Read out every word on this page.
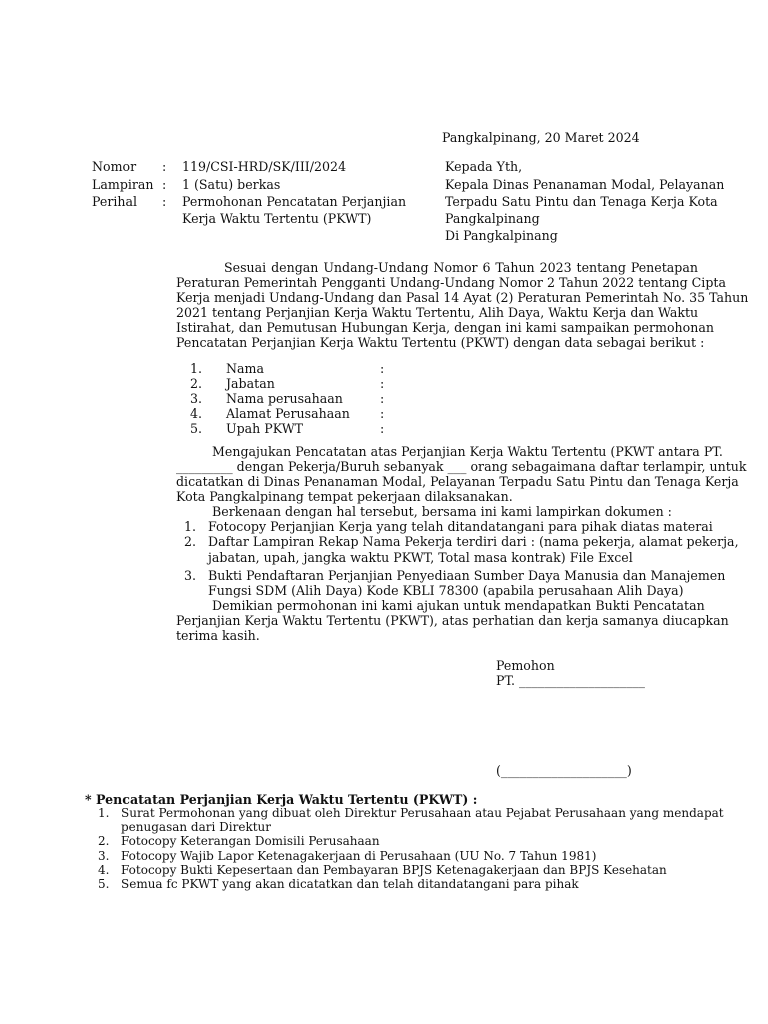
Pangkalpinang, 20 Maret 2024
Nomor : 119/CSI-HRD/SK/III/2024
Lampiran : 1 (Satu) berkas
Perihal : Permohonan Pencatatan Perjanjian
Kerja Waktu Tertentu (PKWT)
Kepada Yth,
Kepala Dinas Penanaman Modal, Pelayanan
Terpadu Satu Pintu dan Tenaga Kerja Kota
Pangkalpinang
Di Pangkalpinang
Sesuai dengan Undang-Undang Nomor 6 Tahun 2023 tentang Penetapan
Peraturan Pemerintah Pengganti Undang-Undang Nomor 2 Tahun 2022 tentang Cipta
Kerja menjadi Undang-Undang dan Pasal 14 Ayat (2) Peraturan Pemerintah No. 35 Tahun
2021 tentang Perjanjian Kerja Waktu Tertentu, Alih Daya, Waktu Kerja dan Waktu
Istirahat, dan Pemutusan Hubungan Kerja, dengan ini kami sampaikan permohonan
Pencatatan Perjanjian Kerja Waktu Tertentu (PKWT) dengan data sebagai berikut :
1. Nama	:
2. Jabatan	:
3. Nama perusahaan	:
4. Alamat Perusahaan :
5. Upah PKWT	:
Mengajukan Pencatatan atas Perjanjian Kerja Waktu Tertentu (PKWT antara PT.
_________ dengan Pekerja/Buruh sebanyak ___ orang sebagaimana daftar terlampir, untuk
dicatatkan di Dinas Penanaman Modal, Pelayanan Terpadu Satu Pintu dan Tenaga Kerja
Kota Pangkalpinang tempat pekerjaan dilaksanakan.
Berkenaan dengan hal tersebut, bersama ini kami lampirkan dokumen :
1. Fotocopy Perjanjian Kerja yang telah ditandatangani para pihak diatas materai
2. Daftar Lampiran Rekap Nama Pekerja terdiri dari : (nama pekerja, alamat pekerja,
jabatan, upah, jangka waktu PKWT, Total masa kontrak) File Excel
3. Bukti Pendaftaran Perjanjian Penyediaan Sumber Daya Manusia dan Manajemen
Fungsi SDM (Alih Daya) Kode KBLI 78300 (apabila perusahaan Alih Daya)
Demikian permohonan ini kami ajukan untuk mendapatkan Bukti Pencatatan
Perjanjian Kerja Waktu Tertentu (PKWT), atas perhatian dan kerja samanya diucapkan
terima kasih.
Pemohon
PT. ____________________
(____________________)
* Pencatatan Perjanjian Kerja Waktu Tertentu (PKWT) :
1. Surat Permohonan yang dibuat oleh Direktur Perusahaan atau Pejabat Perusahaan yang mendapat
penugasan dari Direktur
2. Fotocopy Keterangan Domisili Perusahaan
3. Fotocopy Wajib Lapor Ketenagakerjaan di Perusahaan (UU No. 7 Tahun 1981)
4. Fotocopy Bukti Kepesertaan dan Pembayaran BPJS Ketenagakerjaan dan BPJS Kesehatan
5. Semua fc PKWT yang akan dicatatkan dan telah ditandatangani para pihak
